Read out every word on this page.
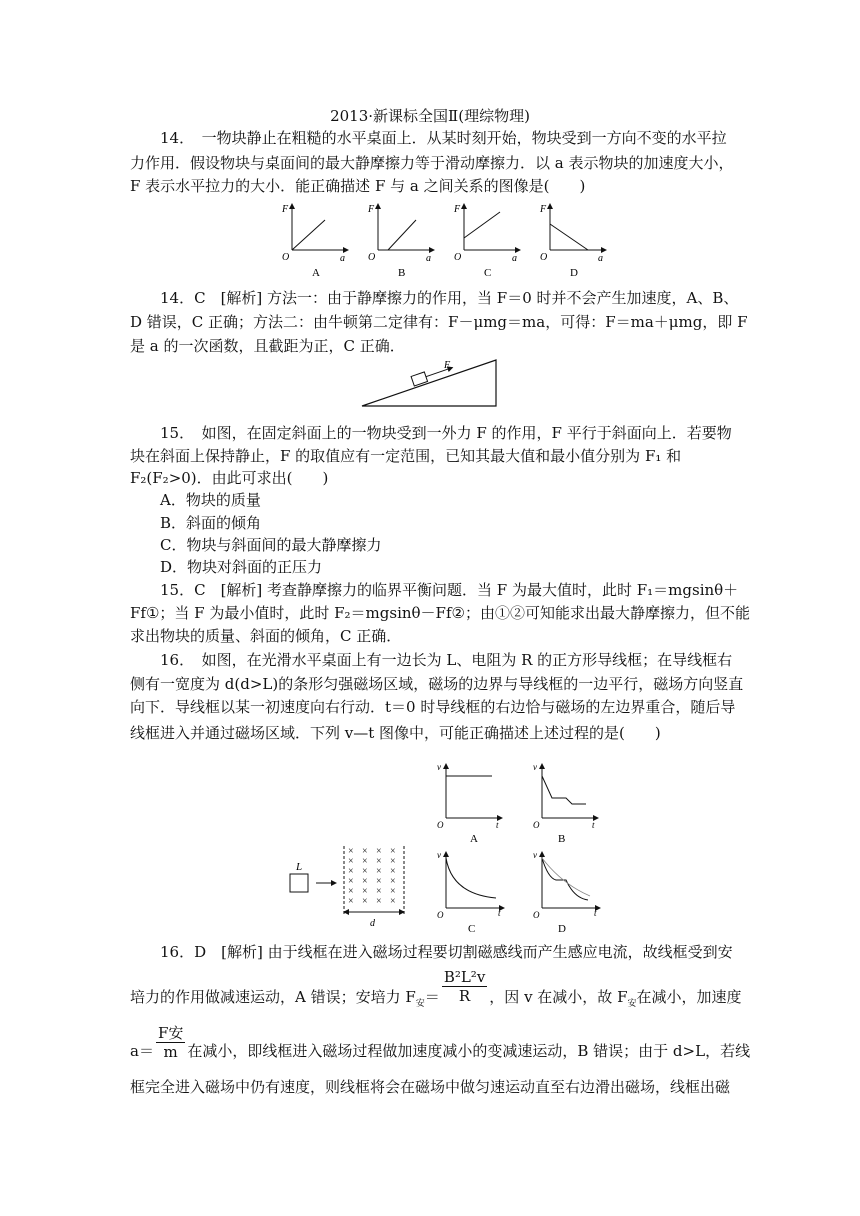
2013·新课标全国Ⅱ(理综物理)
14．　一物块静止在粗糙的水平桌面上．从某时刻开始，物块受到一方向不变的水平拉
力作用．假设物块与桌面间的最大静摩擦力等于滑动摩擦力．以 a 表示物块的加速度大小，
F 表示水平拉力的大小．能正确描述 F 与 a 之间关系的图像是(　　)
F
O	a
A
F
O	a
B
F
O	a
C
F
O	a
D
14．C　[解析] 方法一：由于静摩擦力的作用，当 F＝0 时并不会产生加速度，A、B、
D 错误，C 正确；方法二：由牛顿第二定律有：F－μmg＝ma，可得：F＝ma＋μmg，即 F
是 a 的一次函数，且截距为正，C 正确．
F
15．　如图，在固定斜面上的一物块受到一外力 F 的作用，F 平行于斜面向上．若要物
块在斜面上保持静止，F 的取值应有一定范围，已知其最大值和最小值分别为 F₁ 和
F₂(F₂>0)．由此可求出(　　)
A．物块的质量
B．斜面的倾角
C．物块与斜面间的最大静摩擦力
D．物块对斜面的正压力
15．C　[解析] 考查静摩擦力的临界平衡问题．当 F 为最大值时，此时 F₁＝mgsinθ＋
Ff①；当 F 为最小值时，此时 F₂＝mgsinθ－Ff②；由①②可知能求出最大静摩擦力，但不能
求出物块的质量、斜面的倾角，C 正确．
16．　如图，在光滑水平桌面上有一边长为 L、电阻为 R 的正方形导线框；在导线框右
侧有一宽度为 d(d>L)的条形匀强磁场区域，磁场的边界与导线框的一边平行，磁场方向竖直
向下．导线框以某一初速度向右行动．t＝0 时导线框的右边恰与磁场的左边界重合，随后导
线框进入并通过磁场区域．下列 v—t 图像中，可能正确描述上述过程的是(　　)
L
× × × ×
× × × ×
× × × ×
× × × ×
× × × ×
× × × ×
d
v
O	t
A
v
O	t
B
v
O	t
C
v
O	t
D
16．D　[解析] 由于线框在进入磁场过程要切割磁感线而产生感应电流，故线框受到安
培力的作用做减速运动，A 错误；安培力 $F_安= \frac{\text{B²L²v}}{R}$ ，因 v 在减小，故 $F_安$在减小，加速度
$a= \frac{\text{F安}}{m}$ 在减小，即线框进入磁场过程做加速度减小的变减速运动，B 错误；由于 d>L，若线
框完全进入磁场中仍有速度，则线框将会在磁场中做匀速运动直至右边滑出磁场，线框出磁
